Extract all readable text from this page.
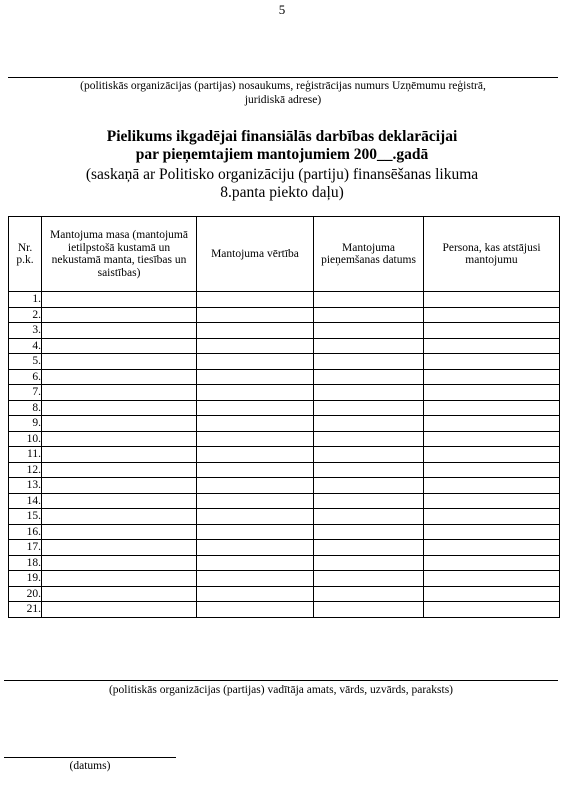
5
(politiskās organizācijas (partijas) nosaukums, reģistrācijas numurs Uzņēmumu reģistrā,
juridiskā adrese)
Pielikums ikgadējai finansiālās darbības deklarācijai
par pieņemtajiem mantojumiem 200__.gadā
(saskaņā ar Politisko organizāciju (partiju) finansēšanas likuma
8.panta piekto daļu)
Nr. p.k.	Mantojuma masa (mantojumā ietilpstošā kustamā un nekustamā manta, tiesības un saistības)	Mantojuma vērtība	Mantojuma pieņemšanas datums	Persona, kas atstājusi mantojumu
1.				
2.				
3.				
4.				
5.				
6.				
7.				
8.				
9.				
10.				
11.				
12.				
13.				
14.				
15.				
16.				
17.				
18.				
19.				
20.				
21.				
(politiskās organizācijas (partijas) vadītāja amats, vārds, uzvārds, paraksts)
(datums)
